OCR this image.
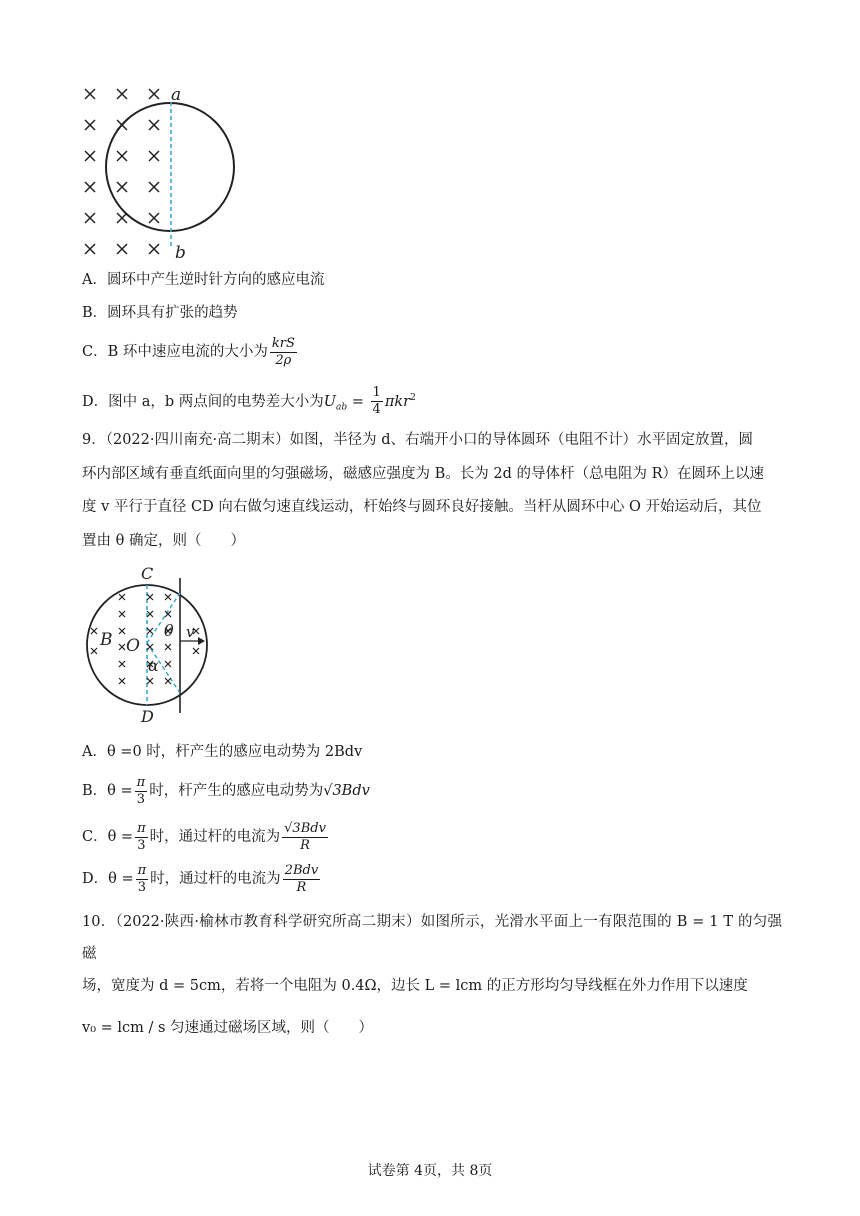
a
b
A．圆环中产生逆时针方向的感应电流
B．圆环具有扩张的趋势
C．B 环中速应电流的大小为 $\frac{\text{krS}}{2\rho}$
D．图中 a，b 两点间的电势差大小为$U_{ab} = \frac{1}{4} \pi kr^2$
9．（2022·四川南充·高二期末）如图，半径为 d、右端开小口的导体圆环（电阻不计）水平固定放置，圆
环内部区域有垂直纸面向里的匀强磁场，磁感应强度为 B。长为 2d 的导体杆（总电阻为 R）在圆环上以速
度 v 平行于直径 CD 向右做匀速直线运动，杆始终与圆环良好接触。当杆从圆环中心 O 开始运动后，其位
置由 θ 确定，则（　　）
C
D
O
B	θ
α
v
A．θ =0 时，杆产生的感应电动势为 2Bdv
B．$\theta = \frac{\pi}{3}$ 时，杆产生的感应电动势为√3Bdv
C．$\theta = \frac{\pi}{3}$ 时，通过杆的电流为 $\frac{\text{√3Bdv}}{R}$
D．$\theta = \frac{\pi}{3}$ 时，通过杆的电流为 $\frac{\text{2Bdv}}{R}$
10．（2022·陕西·榆林市教育科学研究所高二期末）如图所示，光滑水平面上一有限范围的 B = 1 T 的匀强磁
场，宽度为 d = 5cm，若将一个电阻为 0.4Ω，边长 L = lcm 的正方形均匀导线框在外力作用下以速度
v₀ = lcm / s 匀速通过磁场区域，则（　　）
试卷第 4页，共 8页
